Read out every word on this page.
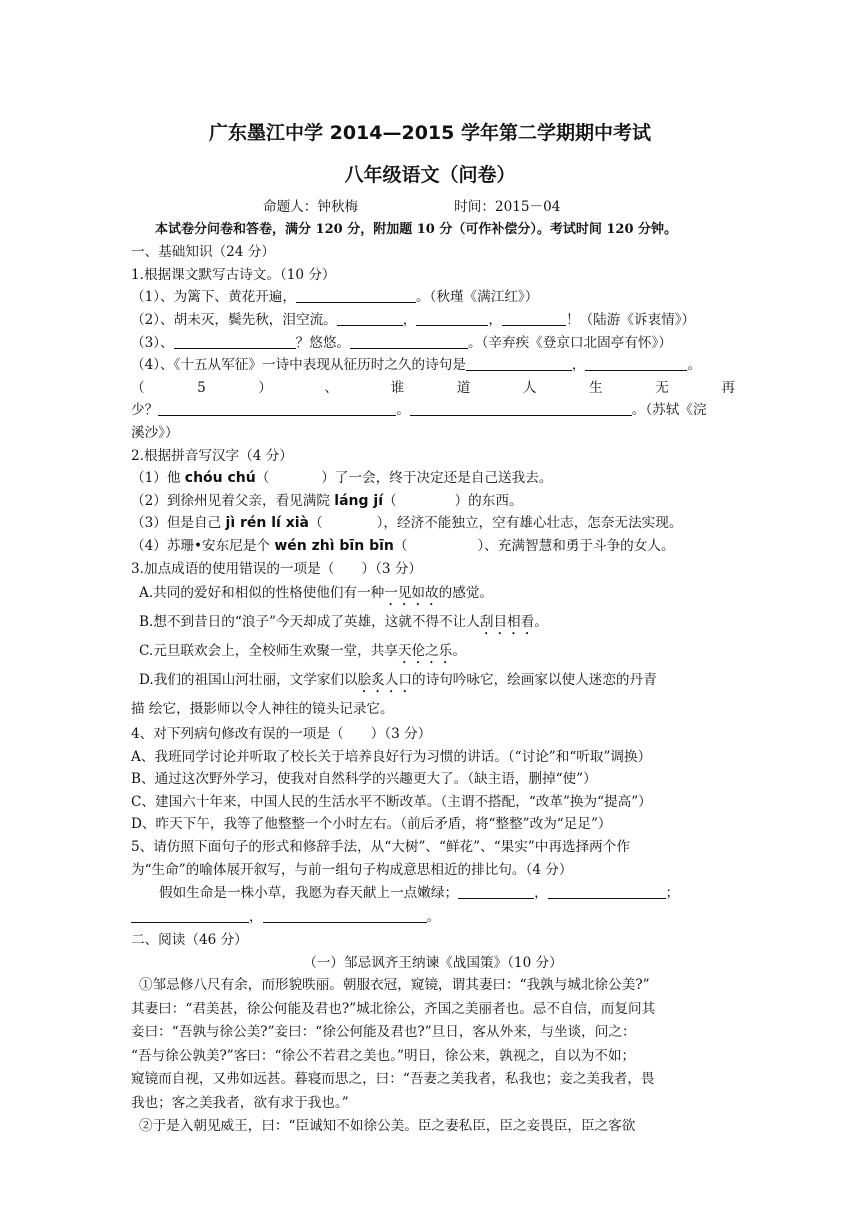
广东墨江中学 2014—2015 学年第二学期期中考试
八年级语文（问卷）
命题人：钟秋梅	时间：2015－04
本试卷分问卷和答卷，满分 120 分，附加题 10 分（可作补偿分）。考试时间 120 分钟。
一、基础知识（24 分）
1.根据课文默写古诗文。（10 分）
（1）、为篱下、黄花开遍，	。（秋瑾《满江红》）
（2）、胡未灭，鬓先秋，泪空流。	，	，	！（陆游《诉衷情》）
（3）、	？悠悠。	。（辛弃疾《登京口北固亭有怀》）
（4）、《十五从军征》一诗中表现从征历时之久的诗句是	，	。
（	5	）	、	谁	道	人	生	无	再
少？	。	。（苏轼《浣
溪沙》）
2.根据拼音写汉字（4 分）
（1）他 chóu chú（	）了一会，终于决定还是自己送我去。
（2）到徐州见着父亲，看见满院 láng jí（	）的东西。
（3）但是自己 jì rén lí xià（	），经济不能独立，空有雄心壮志，怎奈无法实现。
（4）苏珊•安东尼是个 wén zhì bīn bīn（	）、充满智慧和勇于斗争的女人。
3.加点成语的使用错误的一项是（　　）（3 分）
A.共同的爱好和相似的性格使他们有一种一见如故的感觉。
B.想不到昔日的“浪子”今天却成了英雄，这就不得不让人刮目相看。
C.元旦联欢会上，全校师生欢聚一堂，共享天伦之乐。
D.我们的祖国山河壮丽，文学家们以脍炙人口的诗句吟咏它，绘画家以使人迷恋的丹青
描 绘它，摄影师以令人神往的镜头记录它。
4、对下列病句修改有误的一项是（　　）（3 分）
A、我班同学讨论并听取了校长关于培养良好行为习惯的讲话。（“讨论”和“听取”调换）
B、通过这次野外学习，使我对自然科学的兴趣更大了。（缺主语，删掉“使”）
C、建国六十年来，中国人民的生活水平不断改革。（主谓不搭配，“改革”换为“提高”）
D、昨天下午，我等了他整整一个小时左右。（前后矛盾，将“整整”改为“足足”）
5、请仿照下面句子的形式和修辞手法，从“大树”、“鲜花”、“果实”中再选择两个作
为“生命”的喻体展开叙写，与前一组句子构成意思相近的排比句。（4 分）
假如生命是一株小草，我愿为春天献上一点嫩绿；	，	；
，	。
二、阅读（46 分）
（一）邹忌讽齐王纳谏《战国策》（10 分）
①邹忌修八尺有余，而形貌昳丽。朝服衣冠，窥镜，谓其妻曰：“我孰与城北徐公美?”
其妻曰：“君美甚，徐公何能及君也?”城北徐公，齐国之美丽者也。忌不自信，而复问其
妾曰：“吾孰与徐公美?”妾曰：“徐公何能及君也?”旦日，客从外来，与坐谈，问之：
“吾与徐公孰美?”客曰：“徐公不若君之美也。”明日，徐公来，孰视之，自以为不如；
窥镜而自视，又弗如远甚。暮寝而思之，曰：“吾妻之美我者，私我也；妾之美我者，畏
我也；客之美我者，欲有求于我也。”
②于是入朝见威王，曰：“臣诚知不如徐公美。臣之妻私臣，臣之妾畏臣，臣之客欲
